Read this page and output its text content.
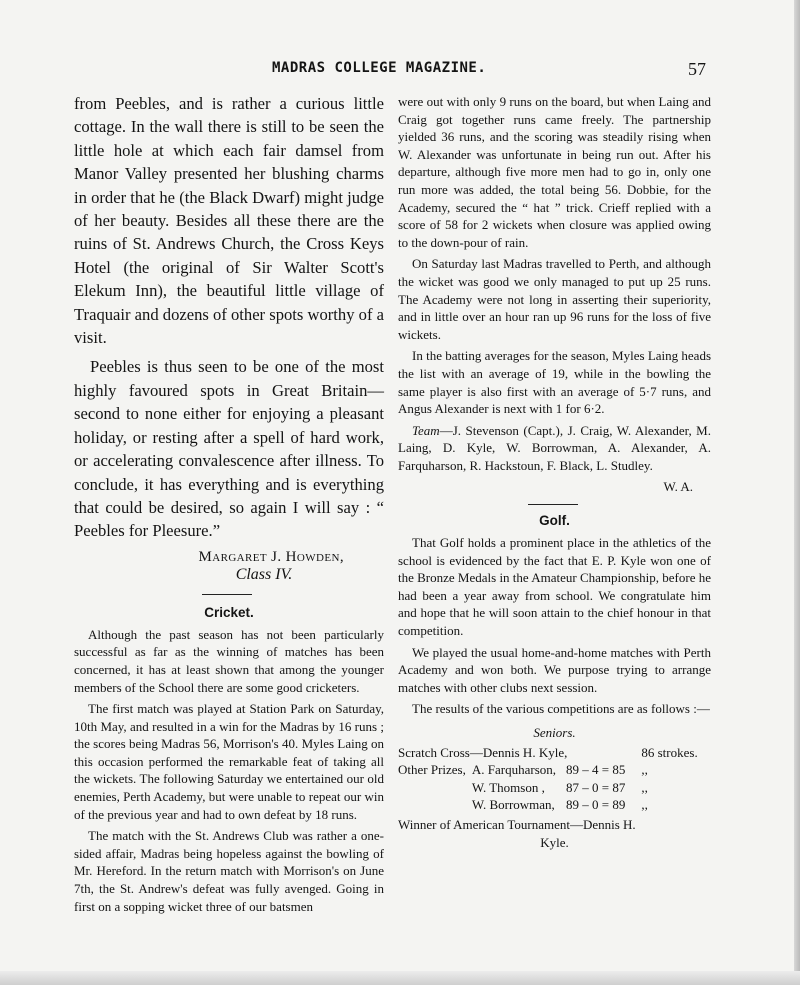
MADRAS COLLEGE MAGAZINE.	57

from Peebles, and is rather a curious little cottage. In the wall there is still to be seen the little hole at which each fair damsel from Manor Valley presented her blushing charms in order that he (the Black Dwarf) might judge of her beauty. Besides all these there are the ruins of St. Andrews Church, the Cross Keys Hotel (the original of Sir Walter Scott's Elekum Inn), the beautiful little village of Traquair and dozens of other spots worthy of a visit.

Peebles is thus seen to be one of the most highly favoured spots in Great Britain—second to none either for enjoying a pleasant holiday, or resting after a spell of hard work, or accelerating convalescence after illness. To conclude, it has everything and is everything that could be desired, so again I will say : “ Peebles for Pleesure.”

Margaret J. Howden,

Class IV.

Cricket.

Although the past season has not been particularly successful as far as the winning of matches has been concerned, it has at least shown that among the younger members of the School there are some good cricketers.

The first match was played at Station Park on Saturday, 10th May, and resulted in a win for the Madras by 16 runs ; the scores being Madras 56, Morrison's 40. Myles Laing on this occasion performed the remarkable feat of taking all the wickets. The following Saturday we entertained our old enemies, Perth Academy, but were unable to repeat our win of the previous year and had to own defeat by 18 runs.

The match with the St. Andrews Club was rather a one-sided affair, Madras being hopeless against the bowling of Mr. Hereford. In the return match with Morrison's on June 7th, the St. Andrew's defeat was fully avenged. Going in first on a sopping wicket three of our batsmen

were out with only 9 runs on the board, but when Laing and Craig got together runs came freely. The partnership yielded 36 runs, and the scoring was steadily rising when W. Alexander was unfortunate in being run out. After his departure, although five more men had to go in, only one run more was added, the total being 56. Dobbie, for the Academy, secured the “ hat ” trick. Crieff replied with a score of 58 for 2 wickets when closure was applied owing to the down-pour of rain.

On Saturday last Madras travelled to Perth, and although the wicket was good we only managed to put up 25 runs. The Academy were not long in asserting their superiority, and in little over an hour ran up 96 runs for the loss of five wickets.

In the batting averages for the season, Myles Laing heads the list with an average of 19, while in the bowling the same player is also first with an average of 5·7 runs, and Angus Alexander is next with 1 for 6·2.

Team—J. Stevenson (Capt.), J. Craig, W. Alexander, M. Laing, D. Kyle, W. Borrowman, A. Alexander, A. Farquharson, R. Hackstoun, F. Black, L. Studley.

W. A.

Golf.

That Golf holds a prominent place in the athletics of the school is evidenced by the fact that E. P. Kyle won one of the Bronze Medals in the Amateur Championship, before he had been a year away from school. We congratulate him and hope that he will soon attain to the chief honour in that competition.

We played the usual home-and-home matches with Perth Academy and won both. We purpose trying to arrange matches with other clubs next session.

The results of the various competitions are as follows :—

Seniors.

Scratch Cross—Dennis H. Kyle,			86 strokes.
Other Prizes,	A. Farquharson,	89 – 4 = 85	,,
	W. Thomson ,	87 – 0 = 87	,,
	W. Borrowman,	89 – 0 = 89	,,

Winner of American Tournament—Dennis H.

Kyle.
